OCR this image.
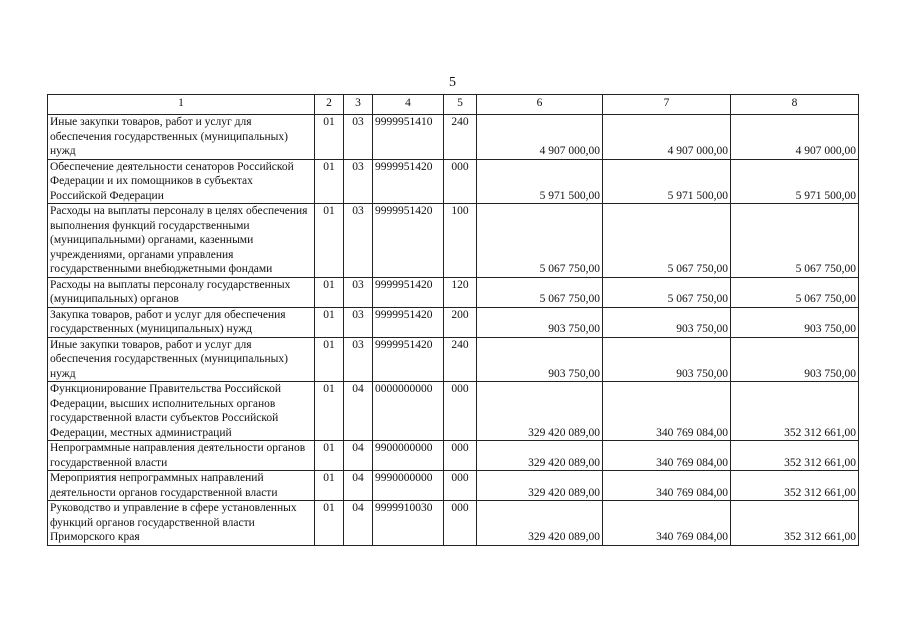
5
1	2	3	4	5	6	7	8
Иные закупки товаров, работ и услуг для обеспечения государственных (муниципальных) нужд	01	03	9999951410	240	4 907 000,00	4 907 000,00	4 907 000,00
Обеспечение деятельности сенаторов Российской Федерации и их помощников в субъектах Российской Федерации	01	03	9999951420	000	5 971 500,00	5 971 500,00	5 971 500,00
Расходы на выплаты персоналу в целях обеспечения выполнения функций государственными (муниципальными) органами, казенными учреждениями, органами управления государственными внебюджетными фондами	01	03	9999951420	100	5 067 750,00	5 067 750,00	5 067 750,00
Расходы на выплаты персоналу государственных (муниципальных) органов	01	03	9999951420	120	5 067 750,00	5 067 750,00	5 067 750,00
Закупка товаров, работ и услуг для обеспечения государственных (муниципальных) нужд	01	03	9999951420	200	903 750,00	903 750,00	903 750,00
Иные закупки товаров, работ и услуг для обеспечения государственных (муниципальных) нужд	01	03	9999951420	240	903 750,00	903 750,00	903 750,00
Функционирование Правительства Российской Федерации, высших исполнительных органов государственной власти субъектов Российской Федерации, местных администраций	01	04	0000000000	000	329 420 089,00	340 769 084,00	352 312 661,00
Непрограммные направления деятельности органов государственной власти	01	04	9900000000	000	329 420 089,00	340 769 084,00	352 312 661,00
Мероприятия непрограммных направлений деятельности органов государственной власти	01	04	9990000000	000	329 420 089,00	340 769 084,00	352 312 661,00
Руководство и управление в сфере установленных функций органов государственной власти Приморского края	01	04	9999910030	000	329 420 089,00	340 769 084,00	352 312 661,00
